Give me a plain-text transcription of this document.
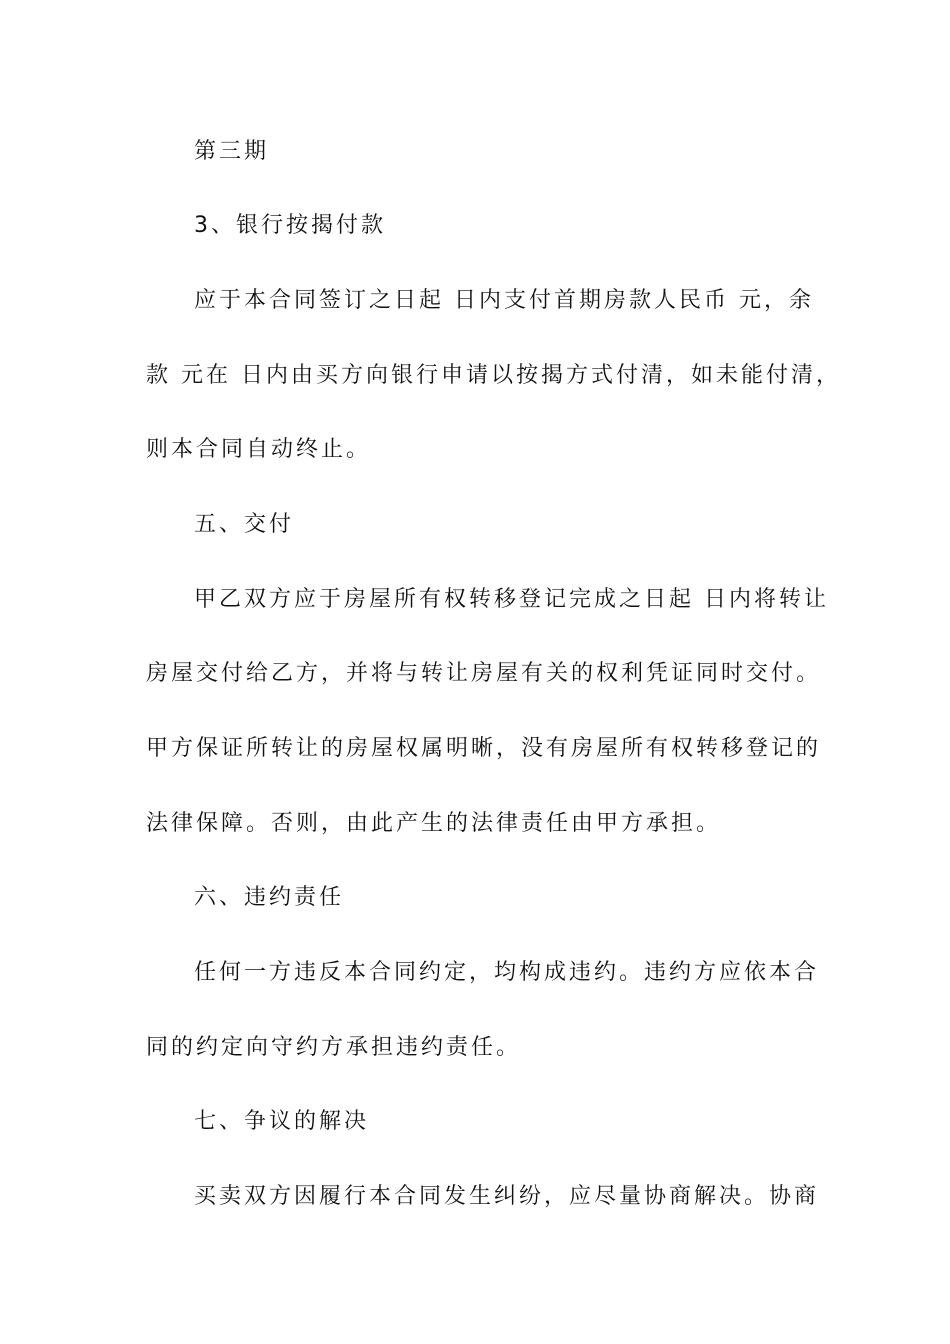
第三期
3、银行按揭付款
应于本合同签订之日起 日内支付首期房款人民币 元，余
款 元在 日内由买方向银行申请以按揭方式付清，如未能付清，
则本合同自动终止。
五、交付
甲乙双方应于房屋所有权转移登记完成之日起 日内将转让
房屋交付给乙方，并将与转让房屋有关的权利凭证同时交付。
甲方保证所转让的房屋权属明晰，没有房屋所有权转移登记的
法律保障。否则，由此产生的法律责任由甲方承担。
六、违约责任
任何一方违反本合同约定，均构成违约。违约方应依本合
同的约定向守约方承担违约责任。
七、争议的解决
买卖双方因履行本合同发生纠纷，应尽量协商解决。协商
